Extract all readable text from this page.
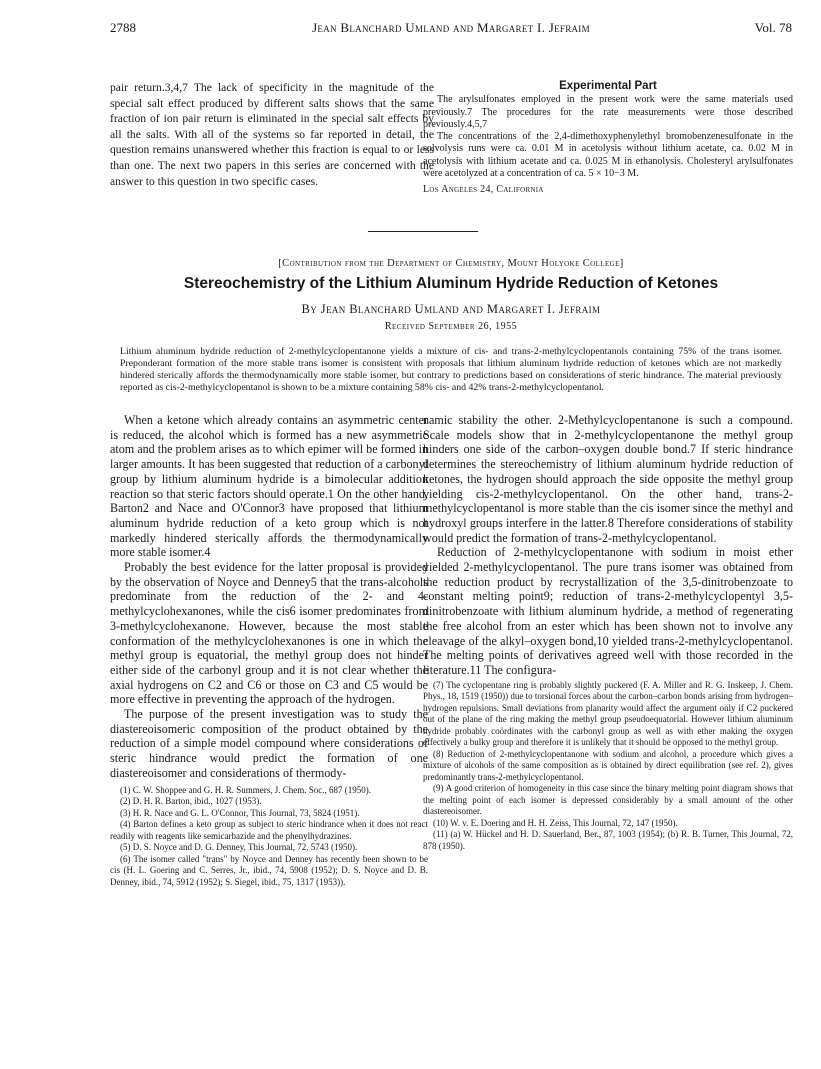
2788	Jean Blanchard Umland and Margaret I. Jefraim	Vol. 78

pair return.3,4,7 The lack of specificity in the magnitude of the special salt effect produced by different salts shows that the same fraction of ion pair return is eliminated in the special salt effects by all the salts. With all of the systems so far reported in detail, the question remains unanswered whether this fraction is equal to or less than one. The next two papers in this series are concerned with the answer to this question in two specific cases.

Experimental Part

The arylsulfonates employed in the present work were the same materials used previously.7 The procedures for the rate measurements were those described previously.4,5,7

The concentrations of the 2,4-dimethoxyphenylethyl bromobenzenesulfonate in the solvolysis runs were ca. 0.01 M in acetolysis without lithium acetate, ca. 0.02 M in acetolysis with lithium acetate and ca. 0.025 M in ethanolysis. Cholesteryl arylsulfonates were acetolyzed at a concentration of ca. 5 × 10−3 M.

Los Angeles 24, California
[Contribution from the Department of Chemistry, Mount Holyoke College]
Stereochemistry of the Lithium Aluminum Hydride Reduction of Ketones
By Jean Blanchard Umland and Margaret I. Jefraim
Received September 26, 1955
Lithium aluminum hydride reduction of 2-methylcyclopentanone yields a mixture of cis- and trans-2-methylcyclopentanols containing 75% of the trans isomer. Preponderant formation of the more stable trans isomer is consistent with proposals that lithium aluminum hydride reduction of ketones which are not markedly hindered sterically affords the thermodynamically more stable isomer, but contrary to predictions based on considerations of steric hindrance. The material previously reported as cis-2-methylcyclopentanol is shown to be a mixture containing 58% cis- and 42% trans-2-methylcyclopentanol.

When a ketone which already contains an asymmetric center is reduced, the alcohol which is formed has a new asymmetric atom and the problem arises as to which epimer will be formed in larger amounts. It has been suggested that reduction of a carbonyl group by lithium aluminum hydride is a bimolecular addition reaction so that steric factors should operate.1 On the other hand, Barton2 and Nace and O'Connor3 have proposed that lithium aluminum hydride reduction of a keto group which is not markedly hindered sterically affords the thermodynamically more stable isomer.4

Probably the best evidence for the latter proposal is provided by the observation of Noyce and Denney5 that the trans-alcohols predominate from the reduction of the 2- and 4-methylcyclohexanones, while the cis6 isomer predominates from 3-methylcyclohexanone. However, because the most stable conformation of the methylcyclohexanones is one in which the methyl group is equatorial, the methyl group does not hinder either side of the carbonyl group and it is not clear whether the axial hydrogens on C2 and C6 or those on C3 and C5 would be more effective in preventing the approach of the hydrogen.

The purpose of the present investigation was to study the diastereoisomeric composition of the product obtained by the reduction of a simple model compound where considerations of steric hindrance would predict the formation of one diastereoisomer and considerations of thermody-

(1) C. W. Shoppee and G. H. R. Summers, J. Chem. Soc., 687 (1950).

(2) D. H. R. Barton, ibid., 1027 (1953).

(3) H. R. Nace and G. L. O'Connor, This Journal, 73, 5824 (1951).

(4) Barton defines a keto group as subject to steric hindrance when it does not react readily with reagents like semicarbazide and the phenylhydrazines.

(5) D. S. Noyce and D. G. Denney, This Journal, 72, 5743 (1950).

(6) The isomer called "trans" by Noyce and Denney has recently been shown to be cis (H. L. Goering and C. Serres, Jr., ibid., 74, 5908 (1952); D. S. Noyce and D. B. Denney, ibid., 74, 5912 (1952); S. Siegel, ibid., 75, 1317 (1953)).

namic stability the other. 2-Methylcyclopentanone is such a compound. Scale models show that in 2-methylcyclopentanone the methyl group hinders one side of the carbon–oxygen double bond.7 If steric hindrance determines the stereochemistry of lithium aluminum hydride reduction of ketones, the hydrogen should approach the side opposite the methyl group yielding cis-2-methylcyclopentanol. On the other hand, trans-2-methylcyclopentanol is more stable than the cis isomer since the methyl and hydroxyl groups interfere in the latter.8 Therefore considerations of stability would predict the formation of trans-2-methylcyclopentanol.

Reduction of 2-methylcyclopentanone with sodium in moist ether yielded 2-methylcyclopentanol. The pure trans isomer was obtained from the reduction product by recrystallization of the 3,5-dinitrobenzoate to constant melting point9; reduction of trans-2-methylcyclopentyl 3,5-dinitrobenzoate with lithium aluminum hydride, a method of regenerating the free alcohol from an ester which has been shown not to involve any cleavage of the alkyl–oxygen bond,10 yielded trans-2-methylcyclopentanol. The melting points of derivatives agreed well with those recorded in the literature.11 The configura-

(7) The cyclopentane ring is probably slightly puckered (F. A. Miller and R. G. Inskeep, J. Chem. Phys., 18, 1519 (1950)) due to torsional forces about the carbon–carbon bonds arising from hydrogen–hydrogen repulsions. Small deviations from planarity would affect the argument only if C2 puckered out of the plane of the ring making the methyl group pseudoequatorial. However lithium aluminum hydride probably coördinates with the carbonyl group as well as with ether making the oxygen effectively a bulky group and therefore it is unlikely that it should be opposed to the methyl group.

(8) Reduction of 2-methylcyclopentanone with sodium and alcohol, a procedure which gives a mixture of alcohols of the same composition as is obtained by direct equilibration (see ref. 2), gives predominantly trans-2-methylcyclopentanol.

(9) A good criterion of homogeneity in this case since the binary melting point diagram shows that the melting point of each isomer is depressed considerably by a small amount of the other diastereoisomer.

(10) W. v. E. Doering and H. H. Zeiss, This Journal, 72, 147 (1950).

(11) (a) W. Hückel and H. D. Sauerland, Ber., 87, 1003 (1954); (b) R. B. Turner, This Journal, 72, 878 (1950).
